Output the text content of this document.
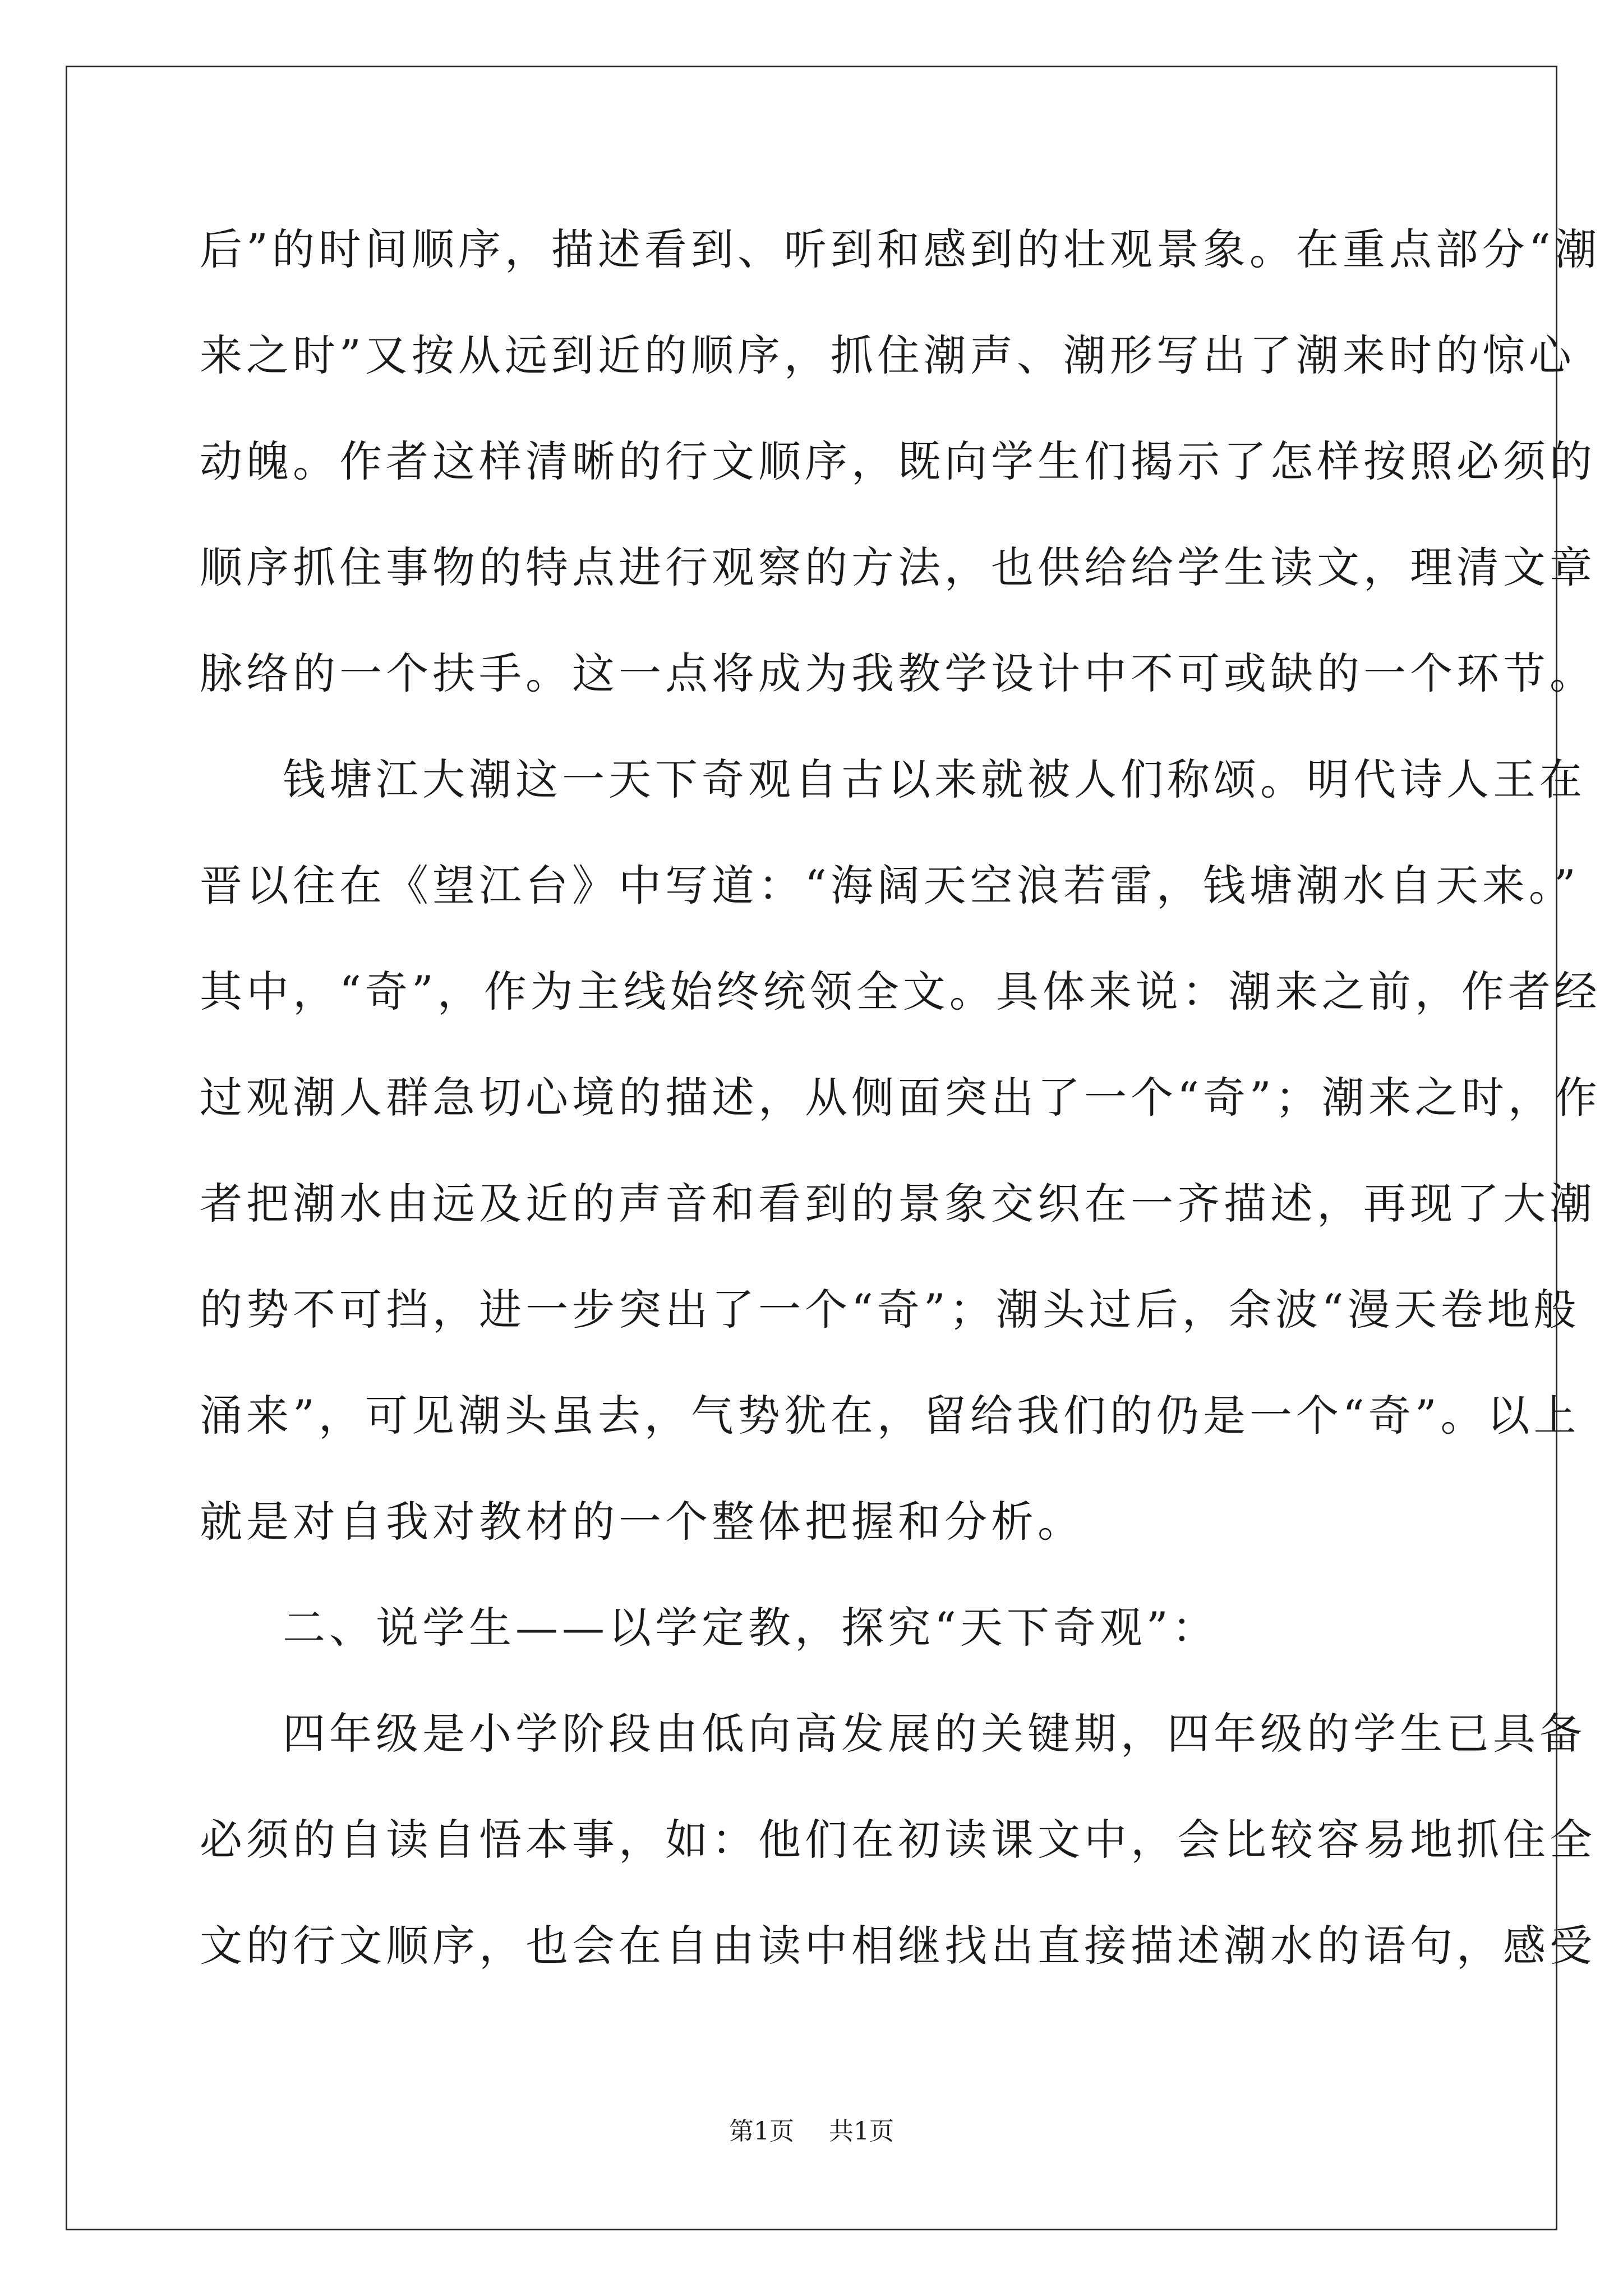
后”的时间顺序，描述看到、听到和感到的壮观景象。在重点部分“潮
来之时”又按从远到近的顺序，抓住潮声、潮形写出了潮来时的惊心
动魄。作者这样清晰的行文顺序，既向学生们揭示了怎样按照必须的
顺序抓住事物的特点进行观察的方法，也供给给学生读文，理清文章
脉络的一个扶手。这一点将成为我教学设计中不可或缺的一个环节。
钱塘江大潮这一天下奇观自古以来就被人们称颂。明代诗人王在
晋以往在《望江台》中写道：“海阔天空浪若雷，钱塘潮水自天来。”
其中，“奇”，作为主线始终统领全文。具体来说：潮来之前，作者经
过观潮人群急切心境的描述，从侧面突出了一个“奇”；潮来之时，作
者把潮水由远及近的声音和看到的景象交织在一齐描述，再现了大潮
的势不可挡，进一步突出了一个“奇”；潮头过后，余波“漫天卷地般
涌来”，可见潮头虽去，气势犹在，留给我们的仍是一个“奇”。以上
就是对自我对教材的一个整体把握和分析。
二、说学生——以学定教，探究“天下奇观”：
四年级是小学阶段由低向高发展的关键期，四年级的学生已具备
必须的自读自悟本事，如：他们在初读课文中，会比较容易地抓住全
文的行文顺序，也会在自由读中相继找出直接描述潮水的语句，感受
第1页 共1页
